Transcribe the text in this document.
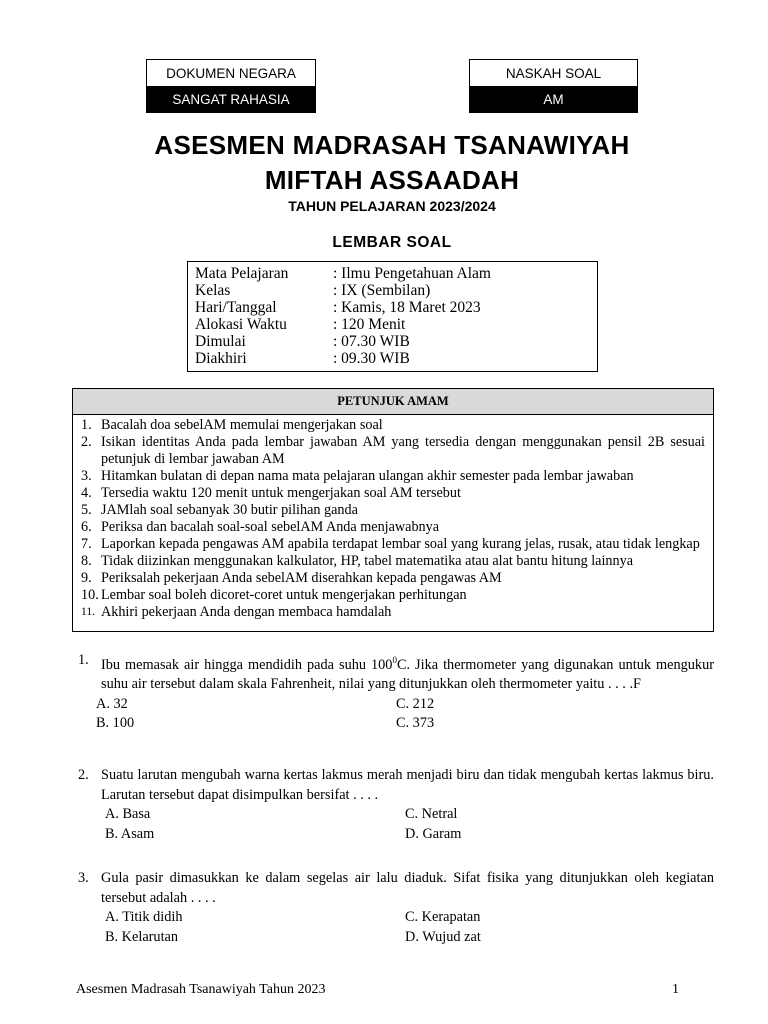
DOKUMEN NEGARA
SANGAT RAHASIA
NASKAH SOAL
AM
ASESMEN MADRASAH TSANAWIYAH
MIFTAH ASSAADAH
TAHUN PELAJARAN 2023/2024
LEMBAR SOAL
Mata Pelajaran	: Ilmu Pengetahuan Alam
Kelas	: IX (Sembilan)
Hari/Tanggal	: Kamis, 18 Maret 2023
Alokasi Waktu	: 120 Menit
Dimulai	: 07.30 WIB
Diakhiri	: 09.30 WIB
PETUNJUK AMAM
1. Bacalah doa sebelAM memulai mengerjakan soal
2. Isikan identitas Anda pada lembar jawaban AM yang tersedia dengan menggunakan pensil 2B sesuai petunjuk di lembar jawaban AM
3. Hitamkan bulatan di depan nama mata pelajaran ulangan akhir semester pada lembar jawaban
4. Tersedia waktu 120 menit untuk mengerjakan soal AM tersebut
5. JAMlah soal sebanyak 30 butir pilihan ganda
6. Periksa dan bacalah soal-soal sebelAM Anda menjawabnya
7. Laporkan kepada pengawas AM apabila terdapat lembar soal yang kurang jelas, rusak, atau tidak lengkap
8. Tidak diizinkan menggunakan kalkulator, HP, tabel matematika atau alat bantu hitung lainnya
9. Periksalah pekerjaan Anda sebelAM diserahkan kepada pengawas AM
10. Lembar soal boleh dicoret-coret untuk mengerjakan perhitungan
11. Akhiri pekerjaan Anda dengan membaca hamdalah
1. Ibu memasak air hingga mendidih pada suhu $100^0C$. Jika thermometer yang digunakan untuk mengukur suhu air tersebut dalam skala Fahrenheit, nilai yang ditunjukkan oleh thermometer yaitu . . . .F
A. 32	C. 212
B. 100	C. 373
2. Suatu larutan mengubah warna kertas lakmus merah menjadi biru dan tidak mengubah kertas lakmus biru. Larutan tersebut dapat disimpulkan bersifat . . . .
A. Basa	C. Netral
B. Asam	D. Garam
3. Gula pasir dimasukkan ke dalam segelas air lalu diaduk. Sifat fisika yang ditunjukkan oleh kegiatan tersebut adalah . . . .
A. Titik didih	C. Kerapatan
B. Kelarutan	D. Wujud zat
Asesmen Madrasah Tsanawiyah Tahun 2023	1
